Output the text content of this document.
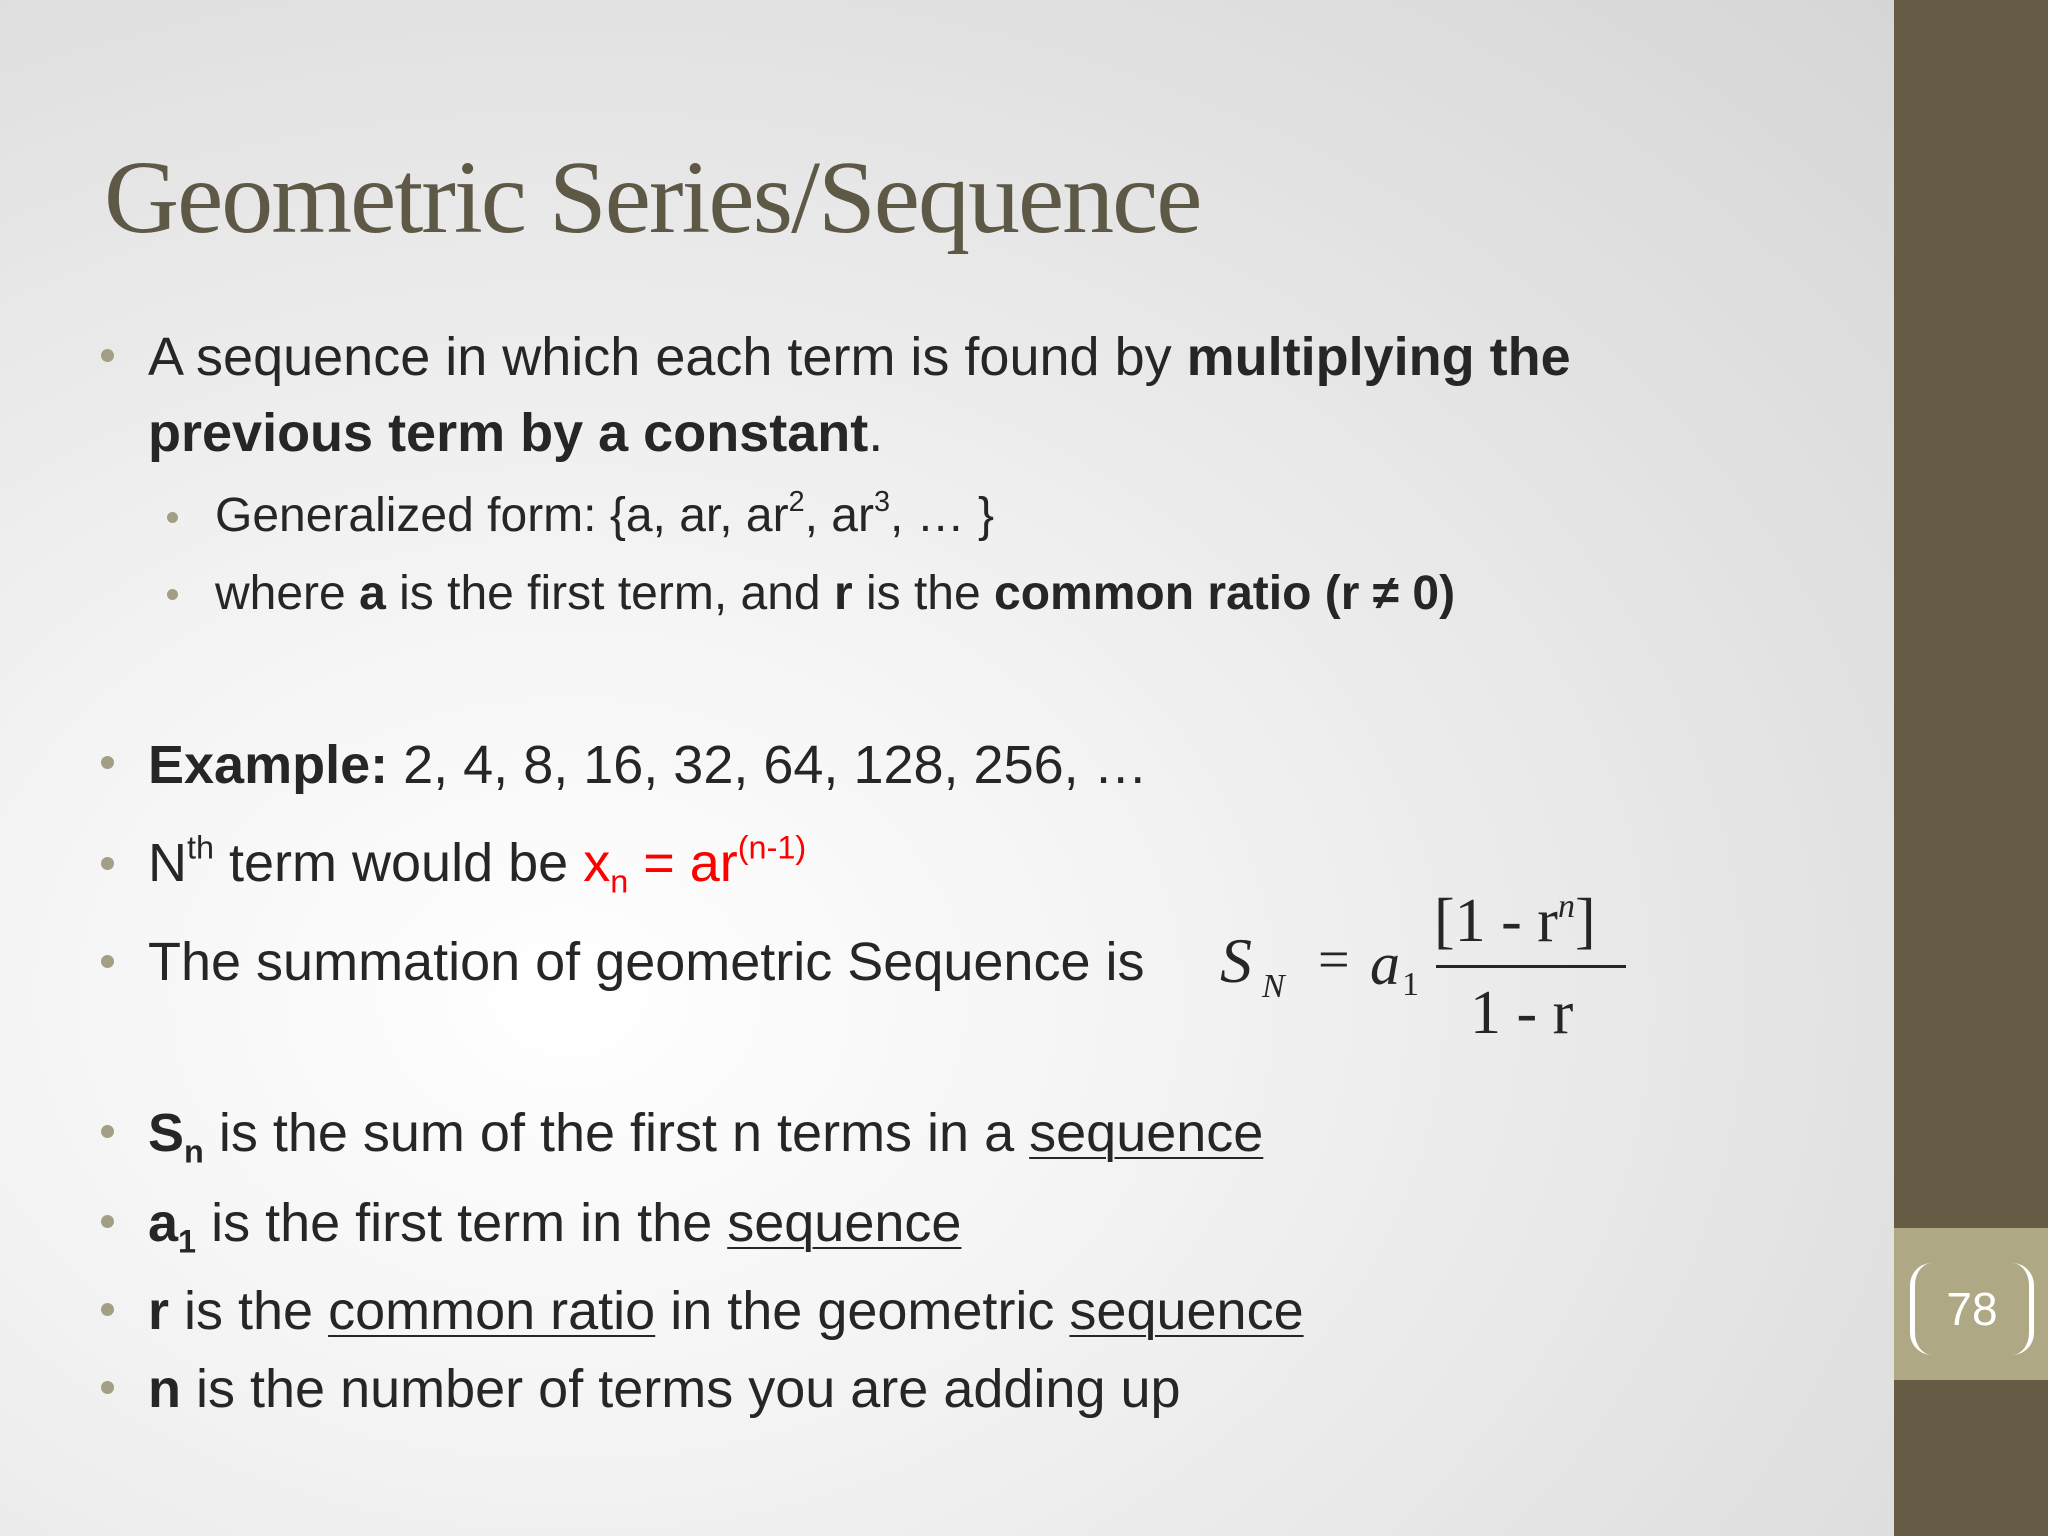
78
Geometric Series/Sequence
A sequence in which each term is found by multiplying the
previous term by a constant.
Generalized form: {a, ar, $ar^2$, $ar^3$, … }
where a is the first term, and r is the common ratio (r ≠ 0)
Example: 2, 4, 8, 16, 32, 64, 128, 256, …
$N^{th}$ term would be $x_n = ar^{(n-1)}$
The summation of geometric Sequence is S N = a 1
$[1 - r^n]$
1 - r
$S_n$ is the sum of the first n terms in a sequence
$a_1$ is the first term in the sequence
r is the common ratio in the geometric sequence
n is the number of terms you are adding up
